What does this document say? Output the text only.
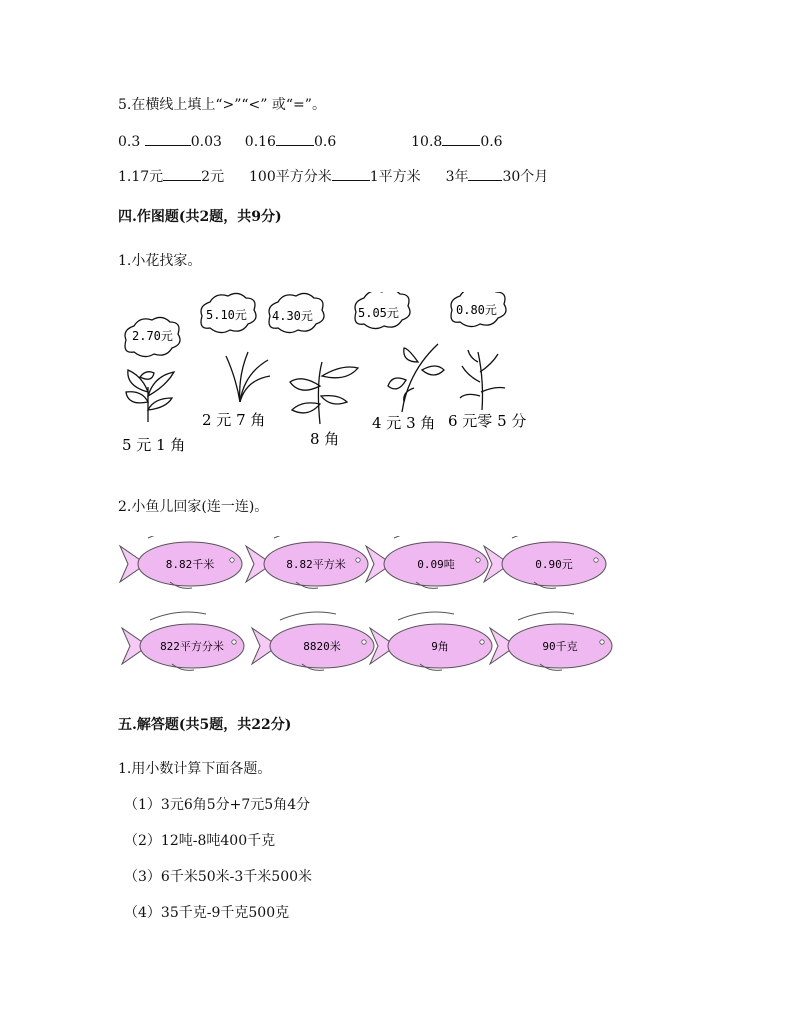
5.在横线上填上“>”“<” 或“=”。
0.3	0.03 0.16	0.6	10.8	0.6
1.17元	2元 100平方分米	1平方米 3年 30个月
四.作图题(共2题，共9分)
1.小花找家。
2.70元
5.10元 4.30元	5.05元	0.80元
5 元 1 角
2 元 7 角
8 角
4 元 3 角 6 元零 5 分
2.小鱼儿回家(连一连)。
8.82千米	8.82平方米	0.09吨	0.90元
822平方分米	8820米	9角	90千克
五.解答题(共5题，共22分)
1.用小数计算下面各题。
（1）3元6角5分+7元5角4分
（2）12吨-8吨400千克
（3）6千米50米-3千米500米
（4）35千克-9千克500克
